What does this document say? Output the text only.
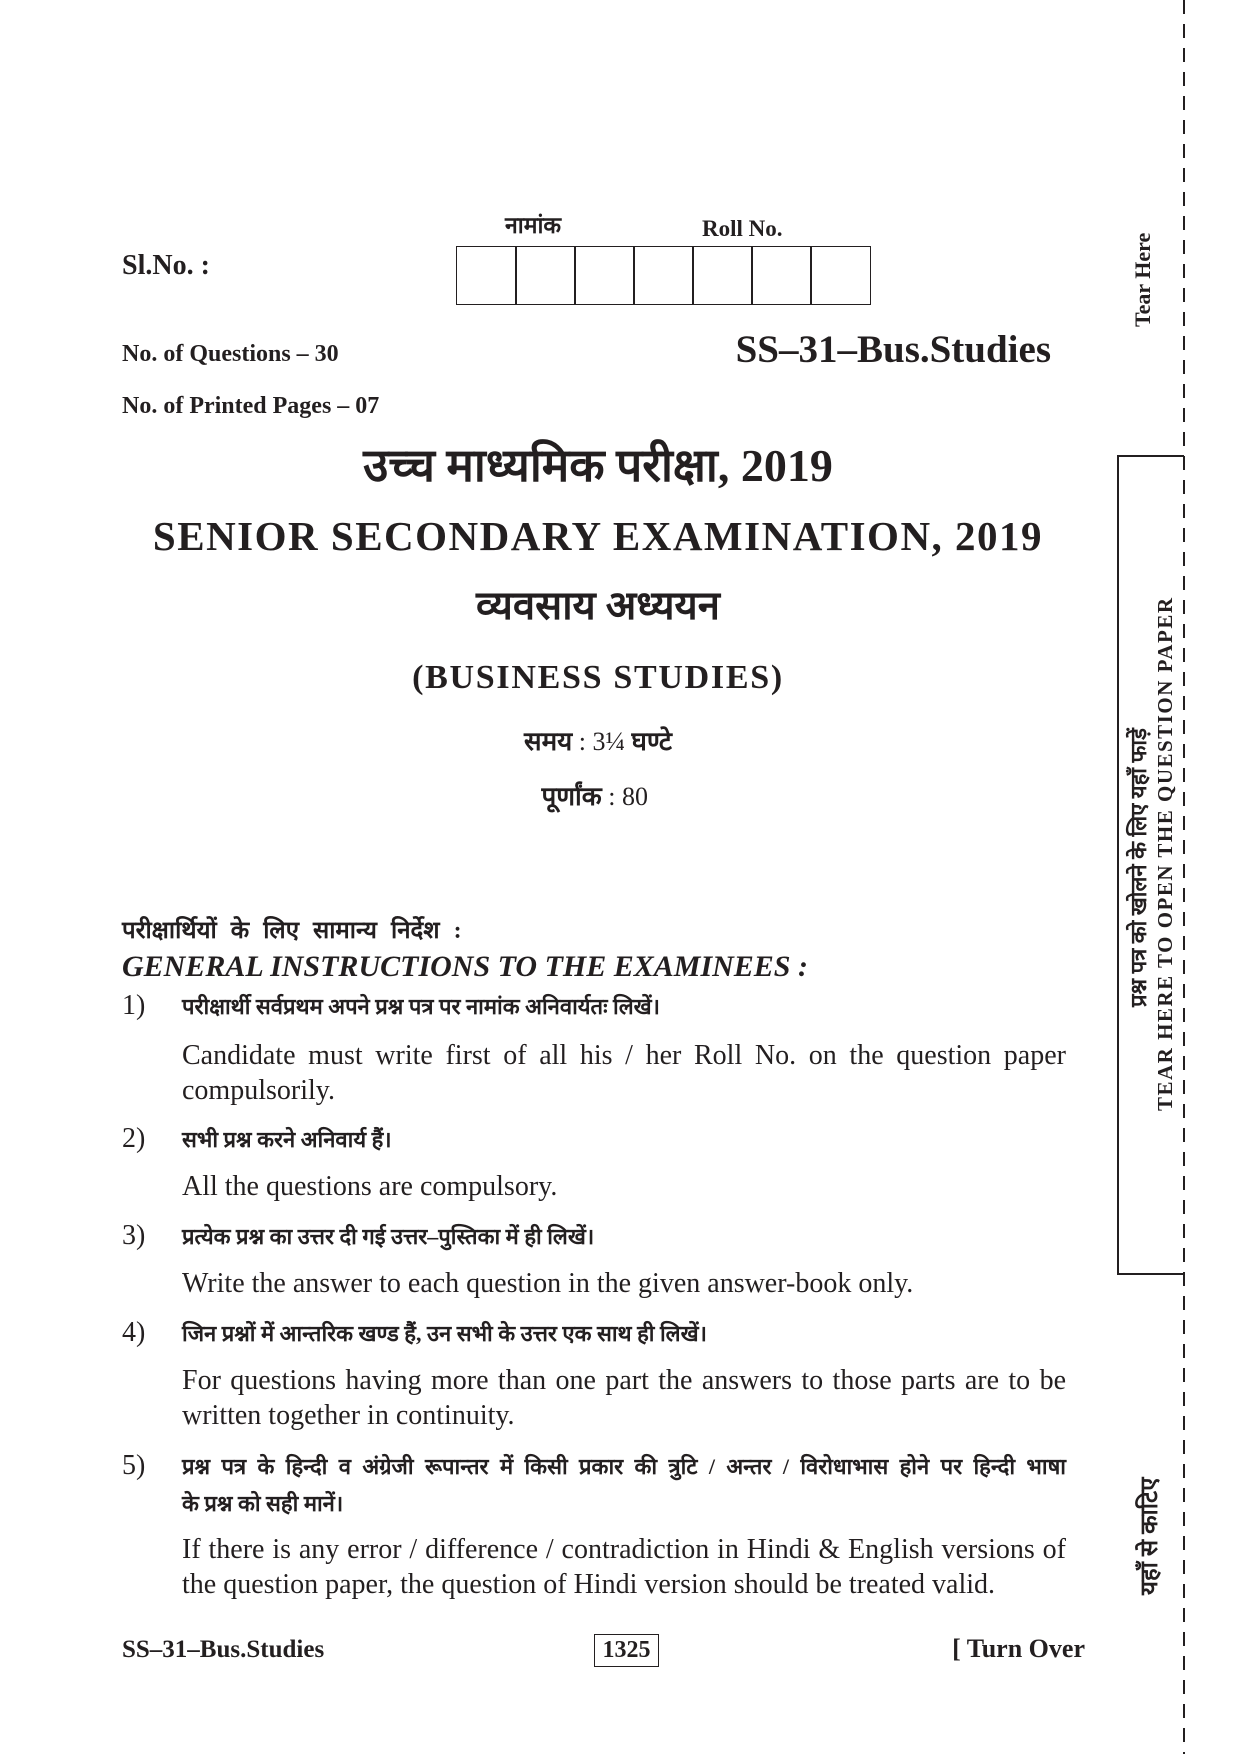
Sl.No. :
नामांक	Roll No.
No. of Questions – 30	SS–31–Bus.Studies
No. of Printed Pages – 07
उच्च माध्यमिक परीक्षा, 2019
SENIOR SECONDARY EXAMINATION, 2019
व्यवसाय अध्ययन
(BUSINESS STUDIES)
समय : 3¼ घण्टे
पूर्णांक : 80
परीक्षार्थियों के लिए सामान्य निर्देश :
GENERAL INSTRUCTIONS TO THE EXAMINEES :
1) परीक्षार्थी सर्वप्रथम अपने प्रश्न पत्र पर नामांक अनिवार्यतः लिखें।
Candidate must write first of all his / her Roll No. on the question paper
compulsorily.
2) सभी प्रश्न करने अनिवार्य हैं।
All the questions are compulsory.
3) प्रत्येक प्रश्न का उत्तर दी गई उत्तर–पुस्तिका में ही लिखें।
Write the answer to each question in the given answer-book only.
4) जिन प्रश्नों में आन्तरिक खण्ड हैं, उन सभी के उत्तर एक साथ ही लिखें।
For questions having more than one part the answers to those parts are to be
written together in continuity.
5) प्रश्न पत्र के हिन्दी व अंग्रेजी रूपान्तर में किसी प्रकार की त्रुटि / अन्तर / विरोधाभास होने पर हिन्दी भाषा
के प्रश्न को सही मानें।
If there is any error / difference / contradiction in Hindi & English versions of
the question paper, the question of Hindi version should be treated valid.
Tear Here
प्रश्न पत्र को खोलने के लिए यहाँ फाड़ें TEAR HERE TO OPEN THE QUESTION PAPER
यहाँ से काटिए
SS–31–Bus.Studies	1325	[ Turn Over
